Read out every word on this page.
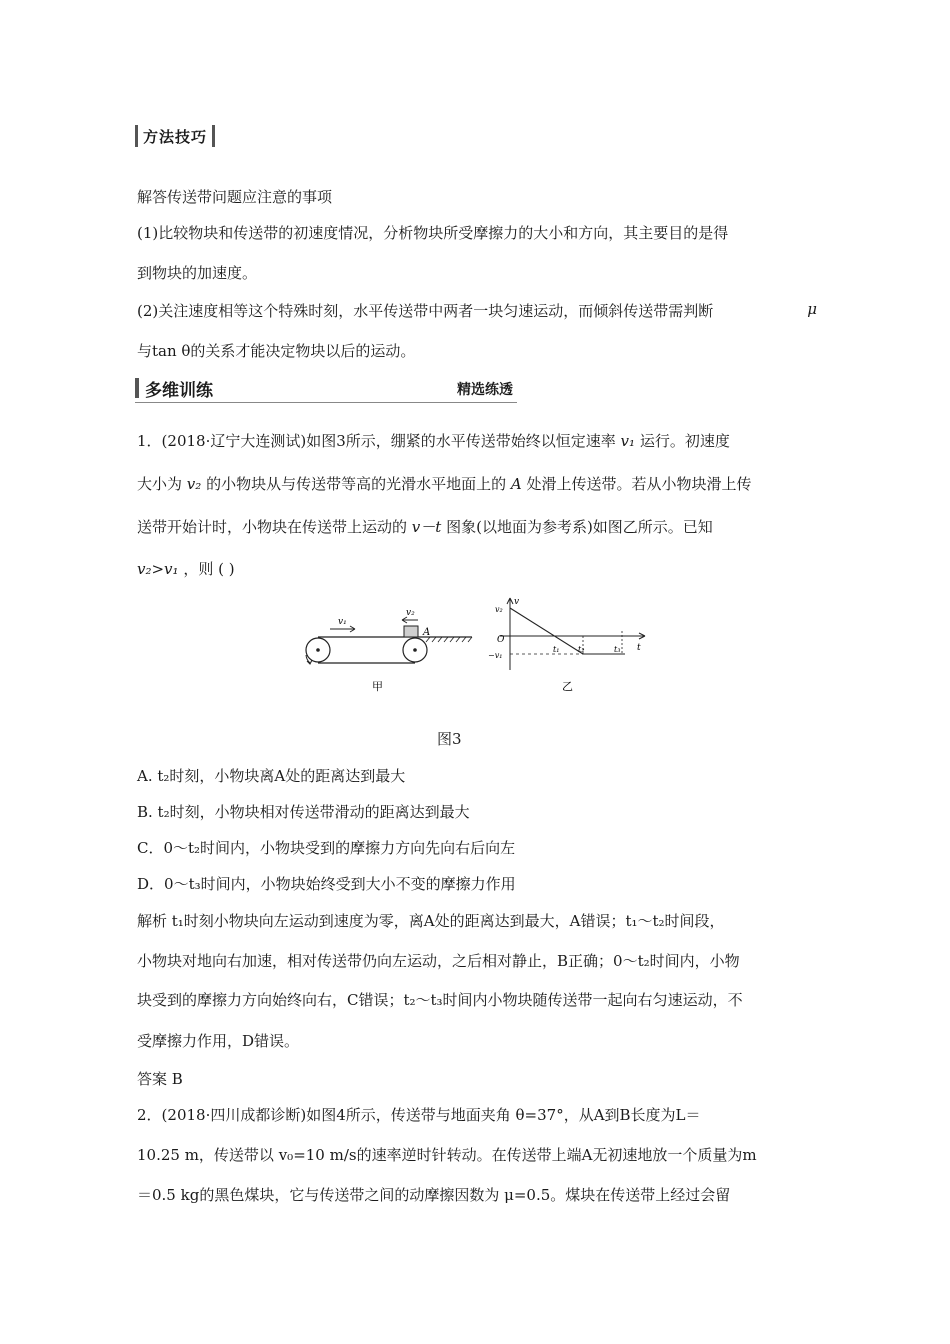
方法技巧
解答传送带问题应注意的事项
(1)比较物块和传送带的初速度情况，分析物块所受摩擦力的大小和方向，其主要目的是得
到物块的加速度。
(2)关注速度相等这个特殊时刻，水平传送带中两者一块匀速运动，而倾斜传送带需判断	μ
与tan θ的关系才能决定物块以后的运动。
多维训练	精选练透
1．(2018·辽宁大连测试)如图3所示，绷紧的水平传送带始终以恒定速率 v₁ 运行。初速度
大小为 v₂ 的小物块从与传送带等高的光滑水平地面上的 A 处滑上传送带。若从小物块滑上传
送带开始计时，小物块在传送带上运动的 v－t 图象(以地面为参考系)如图乙所示。已知
v₂>v₁ ，则 ( )
v₁
v₂
A
甲
v
t
O
v₂
−v₁
t₁ t₂	t₃
乙
图3
A. t₂时刻，小物块离A处的距离达到最大
B. t₂时刻，小物块相对传送带滑动的距离达到最大
C．0～t₂时间内，小物块受到的摩擦力方向先向右后向左
D．0～t₃时间内，小物块始终受到大小不变的摩擦力作用
解析 t₁时刻小物块向左运动到速度为零，离A处的距离达到最大，A错误；t₁～t₂时间段，
小物块对地向右加速，相对传送带仍向左运动，之后相对静止，B正确；0～t₂时间内，小物
块受到的摩擦力方向始终向右，C错误；t₂～t₃时间内小物块随传送带一起向右匀速运动，不
受摩擦力作用，D错误。
答案 B
2．(2018·四川成都诊断)如图4所示，传送带与地面夹角 θ=37°，从A到B长度为L＝
10.25 m，传送带以 v₀=10 m/s的速率逆时针转动。在传送带上端A无初速地放一个质量为m
＝0.5 kg的黑色煤块，它与传送带之间的动摩擦因数为 μ=0.5。煤块在传送带上经过会留
